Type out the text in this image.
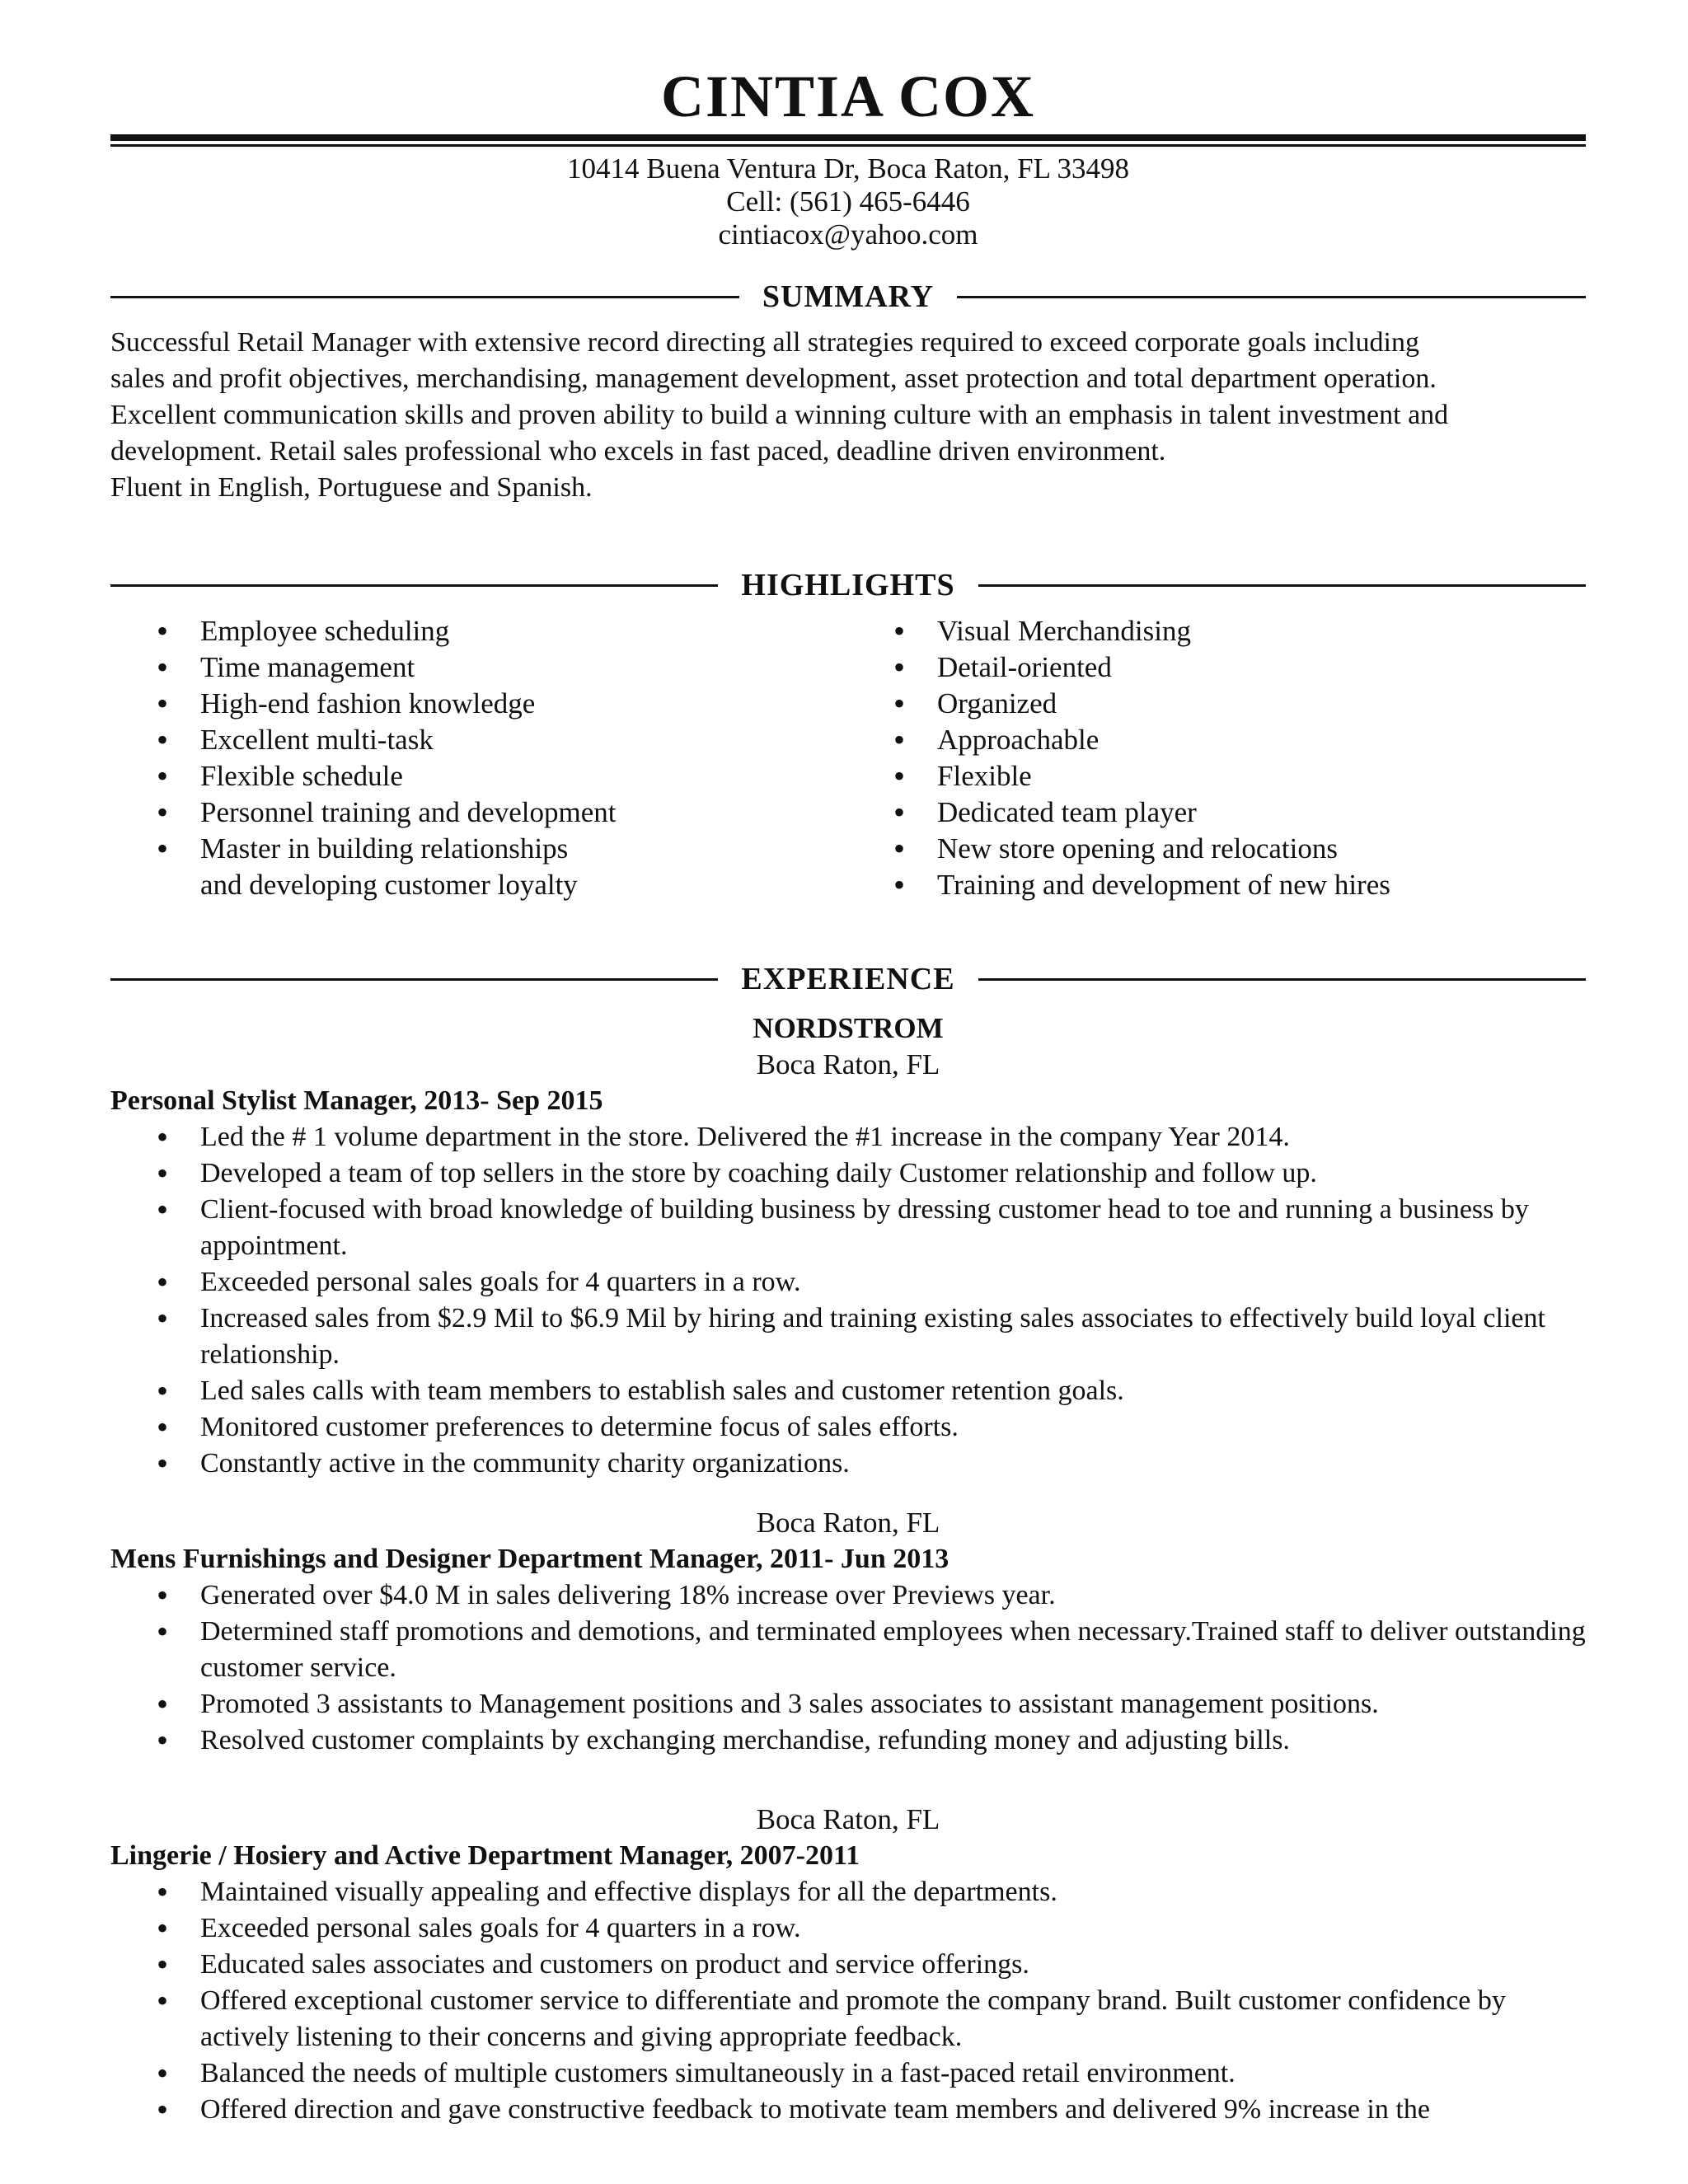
CINTIA COX
10414 Buena Ventura Dr, Boca Raton, FL 33498
Cell: (561) 465-6446
cintiacox@yahoo.com
SUMMARY
Successful Retail Manager with extensive record directing all strategies required to exceed corporate goals including
sales and profit objectives, merchandising, management development, asset protection and total department operation.
Excellent communication skills and proven ability to build a winning culture with an emphasis in talent investment and
development. Retail sales professional who excels in fast paced, deadline driven environment.
Fluent in English, Portuguese and Spanish.
HIGHLIGHTS
• Employee scheduling
• Time management
• High-end fashion knowledge
• Excellent multi-task
• Flexible schedule
• Personnel training and development
• Master in building relationships and developing customer loyalty
• Visual Merchandising
• Detail-oriented
• Organized
• Approachable
• Flexible
• Dedicated team player
• New store opening and relocations
• Training and development of new hires
EXPERIENCE
NORDSTROM
Boca Raton, FL
Personal Stylist Manager, 2013- Sep 2015
• Led the # 1 volume department in the store. Delivered the #1 increase in the company Year 2014.
• Developed a team of top sellers in the store by coaching daily Customer relationship and follow up.
• Client-focused with broad knowledge of building business by dressing customer head to toe and running a business by appointment.
• Exceeded personal sales goals for 4 quarters in a row.
• Increased sales from $2.9 Mil to $6.9 Mil by hiring and training existing sales associates to effectively build loyal client relationship.
• Led sales calls with team members to establish sales and customer retention goals.
• Monitored customer preferences to determine focus of sales efforts.
• Constantly active in the community charity organizations.
Boca Raton, FL
Mens Furnishings and Designer Department Manager, 2011- Jun 2013
• Generated over $4.0 M in sales delivering 18% increase over Previews year.
• Determined staff promotions and demotions, and terminated employees when necessary.Trained staff to deliver outstanding customer service.
• Promoted 3 assistants to Management positions and 3 sales associates to assistant management positions.
• Resolved customer complaints by exchanging merchandise, refunding money and adjusting bills.
Boca Raton, FL
Lingerie / Hosiery and Active Department Manager, 2007-2011
• Maintained visually appealing and effective displays for all the departments.
• Exceeded personal sales goals for 4 quarters in a row.
• Educated sales associates and customers on product and service offerings.
• Offered exceptional customer service to differentiate and promote the company brand. Built customer confidence by actively listening to their concerns and giving appropriate feedback.
• Balanced the needs of multiple customers simultaneously in a fast-paced retail environment.
• Offered direction and gave constructive feedback to motivate team members and delivered 9% increase in the
